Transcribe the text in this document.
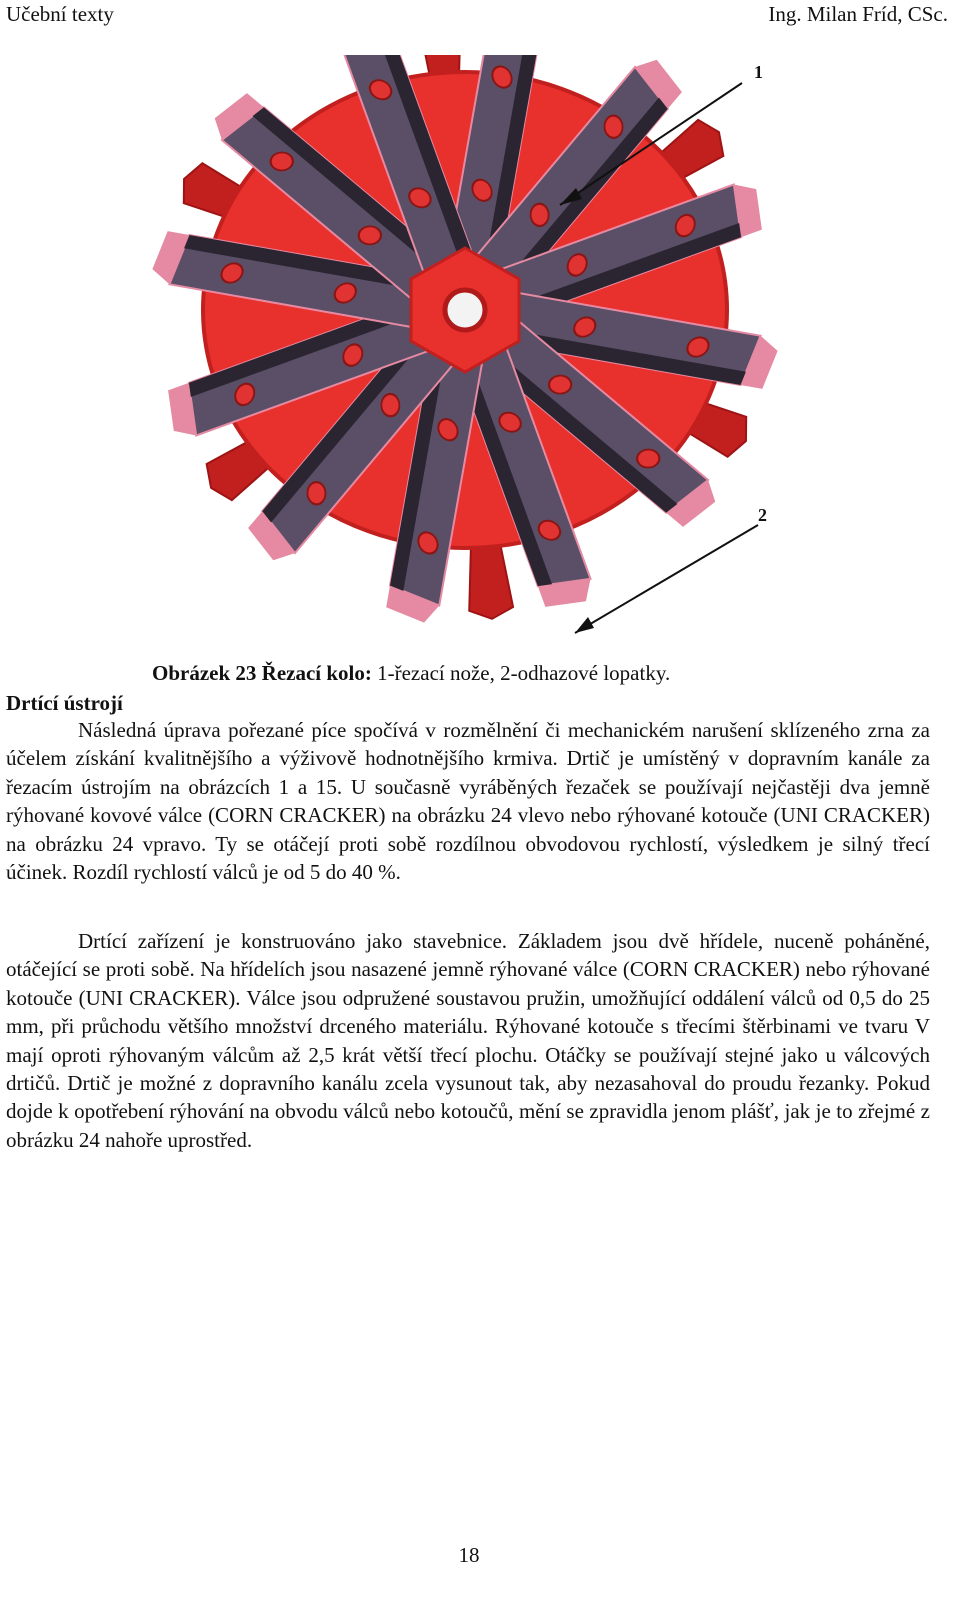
Učební texty	Ing. Milan Fríd, CSc.
1
2
Obrázek 23 Řezací kolo: 1-řezací nože, 2-odhazové lopatky.
Drtící ústrojí

Následná úprava pořezané píce spočívá v rozmělnění či mechanickém narušení sklízeného zrna za účelem získání kvalitnějšího a výživově hodnotnějšího krmiva. Drtič je umístěný v dopravním kanále za řezacím ústrojím na obrázcích 1 a 15. U současně vyráběných řezaček se používají nejčastěji dva jemně rýhované kovové válce (CORN CRACKER) na obrázku 24 vlevo nebo rýhované kotouče (UNI CRACKER) na obrázku 24 vpravo. Ty se otáčejí proti sobě rozdílnou obvodovou rychlostí, výsledkem je silný třecí účinek. Rozdíl rychlostí válců je od 5 do 40 %.

Drtící zařízení je konstruováno jako stavebnice. Základem jsou dvě hřídele, nuceně poháněné, otáčející se proti sobě. Na hřídelích jsou nasazené jemně rýhované válce (CORN CRACKER) nebo rýhované kotouče (UNI CRACKER). Válce jsou odpružené soustavou pružin, umožňující oddálení válců od 0,5 do 25 mm, při průchodu většího množství drceného materiálu. Rýhované kotouče s třecími štěrbinami ve tvaru V mají oproti rýhovaným válcům až 2,5 krát větší třecí plochu. Otáčky se používají stejné jako u válcových drtičů. Drtič je možné z dopravního kanálu zcela vysunout tak, aby nezasahoval do proudu řezanky. Pokud dojde k opotřebení rýhování na obvodu válců nebo kotoučů, mění se zpravidla jenom plášť, jak je to zřejmé z obrázku 24 nahoře uprostřed.

18
